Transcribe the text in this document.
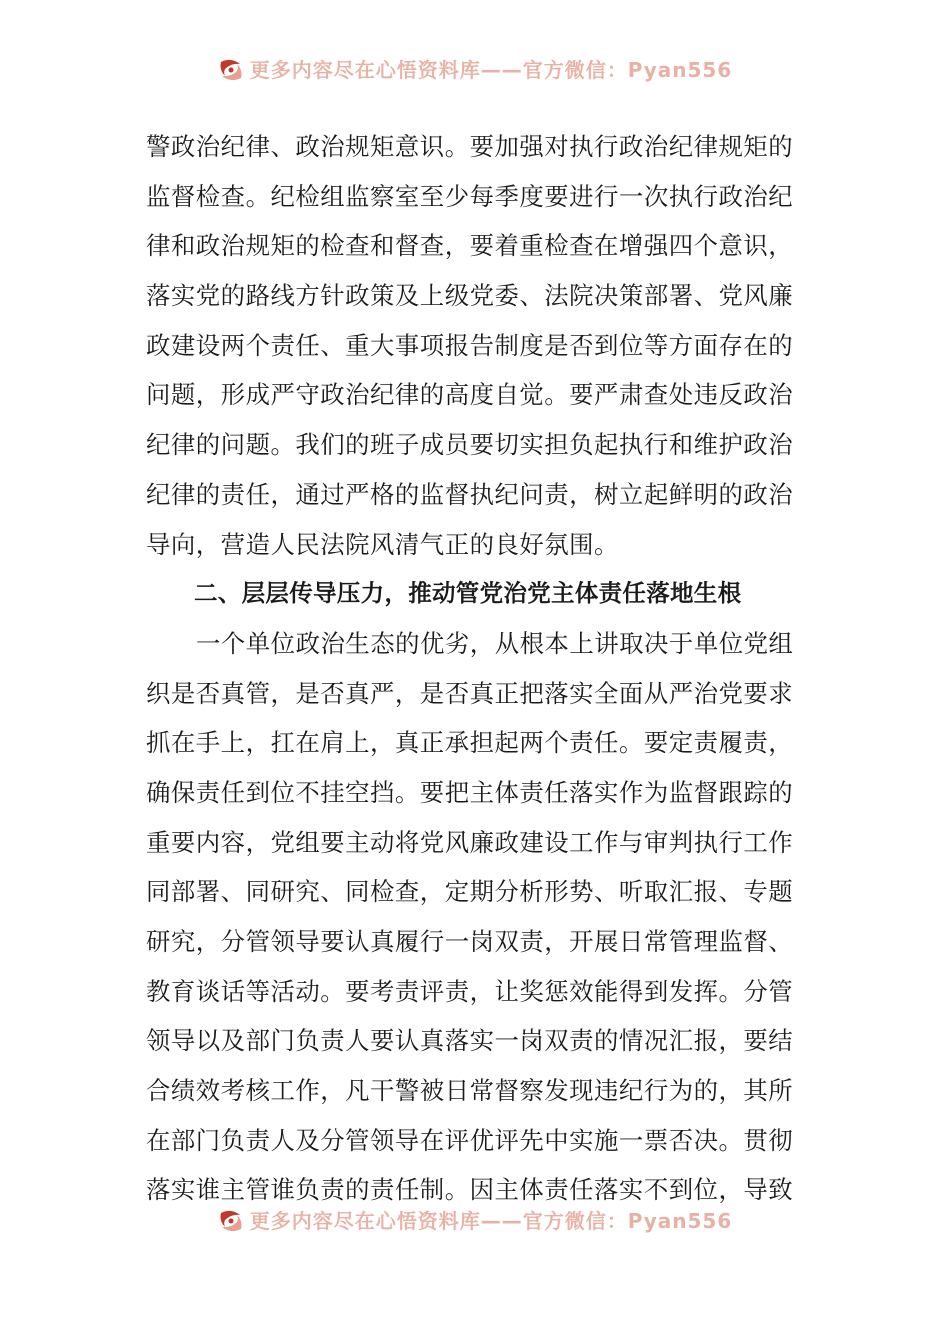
更多内容尽在心悟资料库——官方微信：Pyan556
警政治纪律、政治规矩意识。要加强对执行政治纪律规矩的
监督检查。纪检组监察室至少每季度要进行一次执行政治纪
律和政治规矩的检查和督查，要着重检查在增强四个意识，
落实党的路线方针政策及上级党委、法院决策部署、党风廉
政建设两个责任、重大事项报告制度是否到位等方面存在的
问题，形成严守政治纪律的高度自觉。要严肃查处违反政治
纪律的问题。我们的班子成员要切实担负起执行和维护政治
纪律的责任，通过严格的监督执纪问责，树立起鲜明的政治
导向，营造人民法院风清气正的良好氛围。
二、层层传导压力，推动管党治党主体责任落地生根
一个单位政治生态的优劣，从根本上讲取决于单位党组
织是否真管，是否真严，是否真正把落实全面从严治党要求
抓在手上，扛在肩上，真正承担起两个责任。要定责履责，
确保责任到位不挂空挡。要把主体责任落实作为监督跟踪的
重要内容，党组要主动将党风廉政建设工作与审判执行工作
同部署、同研究、同检查，定期分析形势、听取汇报、专题
研究，分管领导要认真履行一岗双责，开展日常管理监督、
教育谈话等活动。要考责评责，让奖惩效能得到发挥。分管
领导以及部门负责人要认真落实一岗双责的情况汇报，要结
合绩效考核工作，凡干警被日常督察发现违纪行为的，其所
在部门负责人及分管领导在评优评先中实施一票否决。贯彻
落实谁主管谁负责的责任制。因主体责任落实不到位，导致
更多内容尽在心悟资料库——官方微信：Pyan556
